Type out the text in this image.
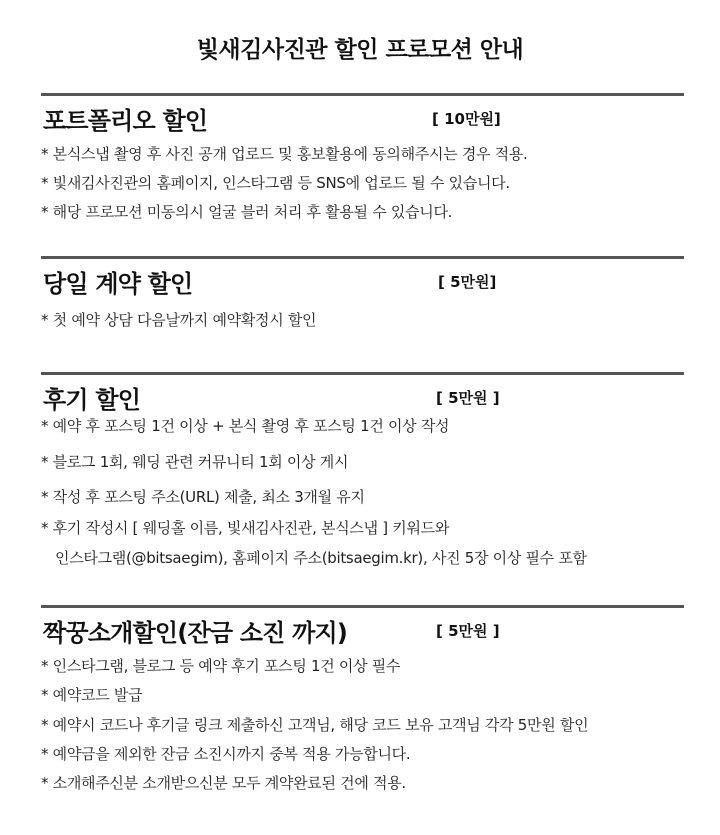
빛새김사진관 할인 프로모션 안내
포트폴리오 할인	[ 10만원]
* 본식스냅 촬영 후 사진 공개 업로드 및 홍보활용에 동의해주시는 경우 적용.
* 빛새김사진관의 홈페이지, 인스타그램 등 SNS에 업로드 될 수 있습니다.
* 해당 프로모션 미동의시 얼굴 블러 처리 후 활용될 수 있습니다.
당일 계약 할인	[ 5만원]
* 첫 예약 상담 다음날까지 예약확정시 할인
후기 할인	[ 5만원 ]
* 예약 후 포스팅 1건 이상 + 본식 촬영 후 포스팅 1건 이상 작성
* 블로그 1회, 웨딩 관련 커뮤니티 1회 이상 게시
* 작성 후 포스팅 주소(URL) 제출, 최소 3개월 유지
* 후기 작성시 [ 웨딩홀 이름, 빛새김사진관, 본식스냅 ] 키워드와
인스타그램(@bitsaegim), 홈페이지 주소(bitsaegim.kr), 사진 5장 이상 필수 포함
짝꿍소개할인(잔금 소진 까지)	[ 5만원 ]
* 인스타그램, 블로그 등 예약 후기 포스팅 1건 이상 필수
* 예약코드 발급
* 예약시 코드나 후기글 링크 제출하신 고객님, 해당 코드 보유 고객님 각각 5만원 할인
* 예약금을 제외한 잔금 소진시까지 중복 적용 가능합니다.
* 소개해주신분 소개받으신분 모두 계약완료된 건에 적용.
